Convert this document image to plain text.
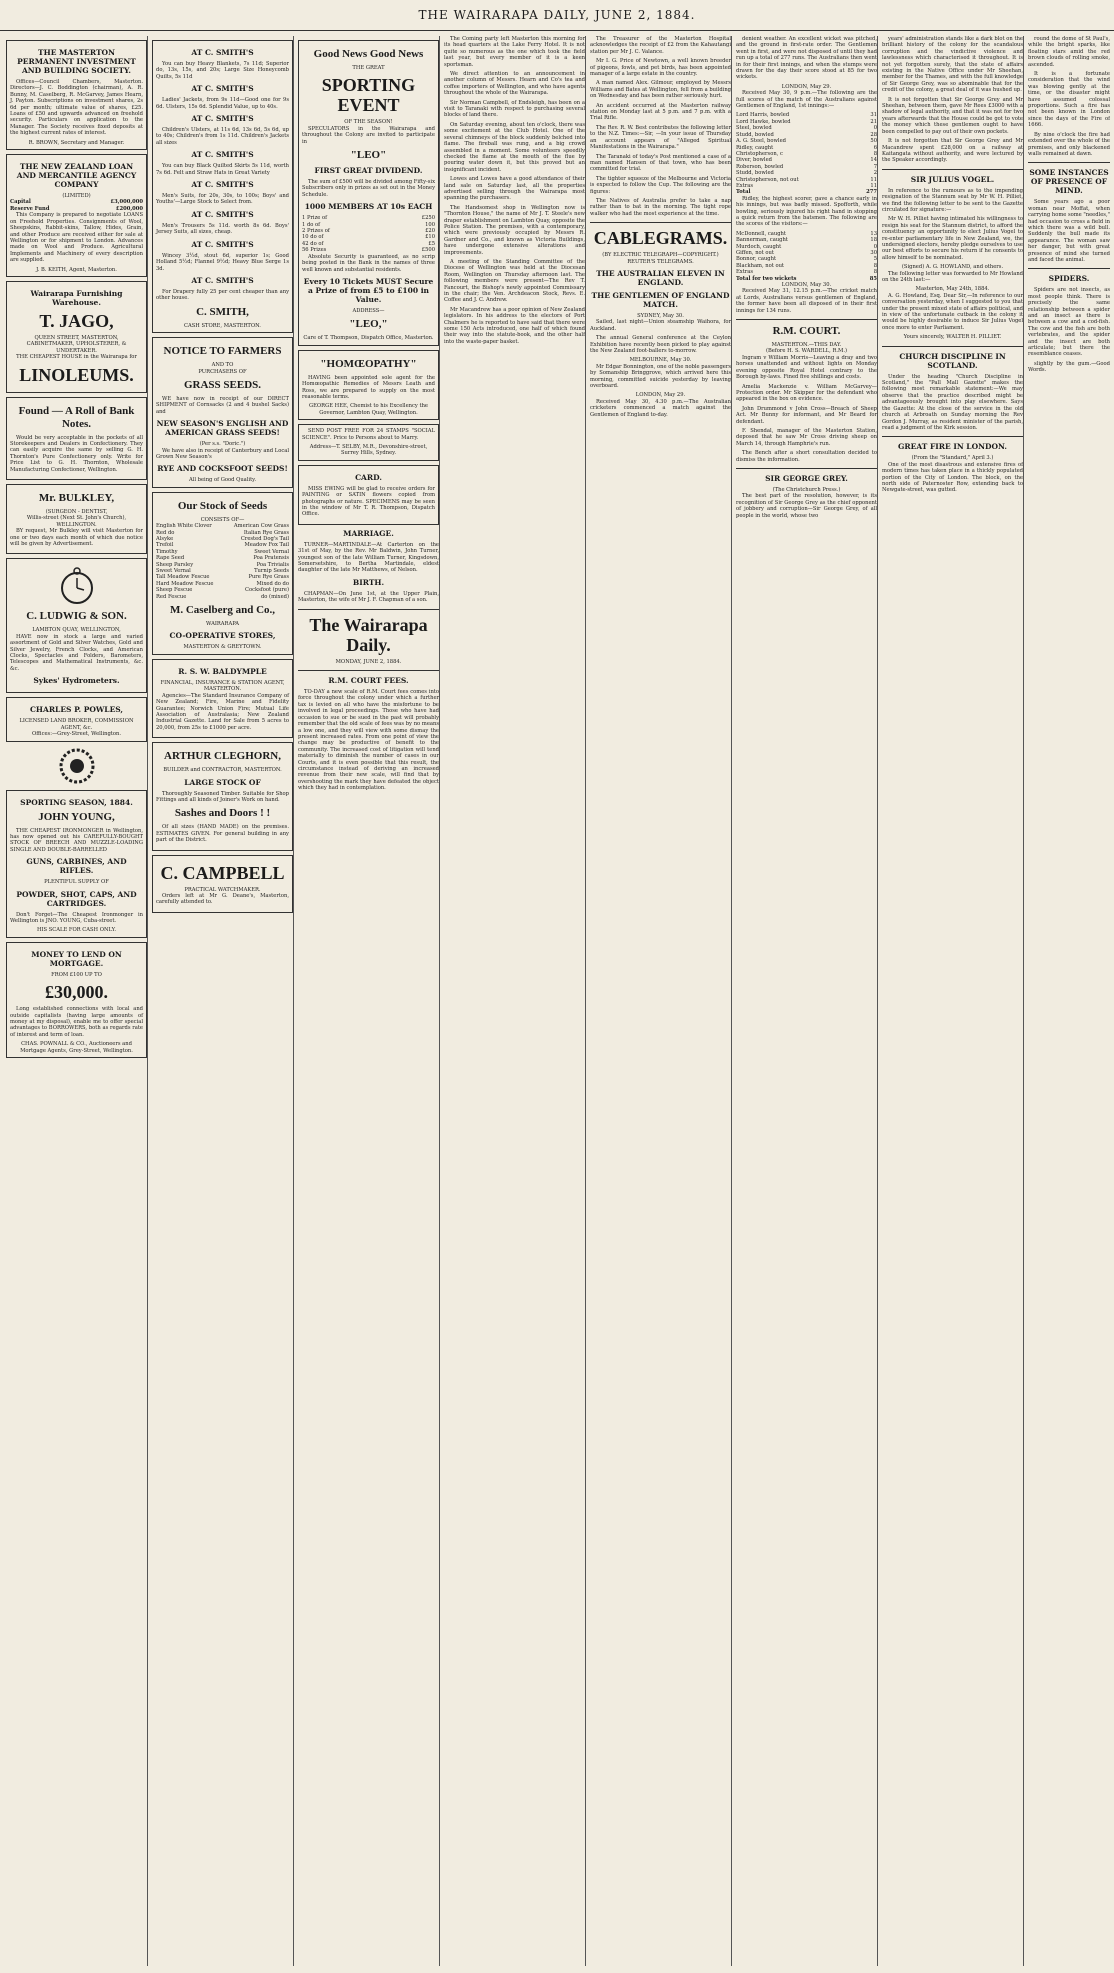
THE WAIRARAPA DAILY, JUNE 2, 1884.
THE MASTERTON PERMANENT INVESTMENT AND BUILDING SOCIETY.

Offices—Council Chambers, Masterton. Directors—J. C. Boddington (chairman), A. R. Bunny, M. Caselberg, R. McGarvey, James Hearn, J. Payton. Subscriptions on investment shares, 2s 6d per month; ultimate value of shares, £25. Loans of £50 and upwards advanced on freehold security. Particulars on application to the Manager. The Society receives fixed deposits at the highest current rates of interest.

R. BROWN, Secretary and Manager.
THE NEW ZEALAND LOAN AND MERCANTILE AGENCY COMPANY
(LIMITED)
Capital	£3,000,000
Reserve Fund	£200,000

This Company is prepared to negotiate LOANS on Freehold Properties. Consignments of Wool, Sheepskins, Rabbit-skins, Tallow, Hides, Grain, and other Produce are received either for sale at Wellington or for shipment to London. Advances made on Wool and Produce. Agricultural Implements and Machinery of every description are supplied.

J. B. KEITH, Agent, Masterton.
Wairarapa Furnishing Warehouse.
T. JAGO,
QUEEN STREET, MASTERTON,
CABINETMAKER, UPHOLSTERER, & UNDERTAKER.
THE CHEAPEST HOUSE in the Wairarapa for
LINOLEUMS.
Found — A Roll of Bank Notes.

Would be very acceptable in the pockets of all Storekeepers and Dealers in Confectionery. They can easily acquire the same by selling G. H. Thornton's Pure Confectionery only. Write for Price List to G. H. Thornton, Wholesale Manufacturing Confectioner, Wellington.

Mr. BULKLEY,
(SURGEON - DENTIST,
Willis-street (Next St. John's Church), WELLINGTON.

BY request, Mr Bulkley will visit Masterton for one or two days each month of which due notice will be given by Advertisement.

C. LUDWIG & SON.
LAMBTON QUAY, WELLINGTON,

HAVE now in stock a large and varied assortment of Gold and Silver Watches, Gold and Silver Jewelry, French Clocks, and American Clocks, Spectacles and Folders, Barometers, Telescopes and Mathematical Instruments, &c. &c.

Sykes' Hydrometers.
CHARLES P. POWLES,
LICENSED LAND BROKER, COMMISSION AGENT, &c.
Offices:—Grey-Street, Wellington.
SPORTING SEASON, 1884.
JOHN YOUNG,

THE CHEAPEST IRONMONGER in Wellington, has now opened out his CAREFULLY-BOUGHT STOCK OF BREECH AND MUZZLE-LOADING SINGLE AND DOUBLE-BARRELLED

GUNS, CARBINES, AND RIFLES.
PLENTIFUL SUPPLY OF
POWDER, SHOT, CAPS, AND CARTRIDGES.

Don't Forget—The Cheapest Ironmonger in Wellington is JNO. YOUNG, Cuba-street.

HIS SCALE FOR CASH ONLY.
MONEY TO LEND ON MORTGAGE.
FROM £100 UP TO
£30,000.

Long established connections with local and outside capitalists (having large amounts of money at my disposal), enable me to offer special advantages to BORROWERS, both as regards rate of interest and term of loan.

CHAS. POWNALL & CO., Auctioneers and Mortgage Agents, Grey-Street, Wellington.
AT C. SMITH'S

You can buy Heavy Blankets, 7s 11d; Superior do, 13s, 15s, and 20s; Large Size Honeycomb Quilts, 5s 11d

AT C. SMITH'S

Ladies' Jackets, from 9s 11d—Good one for 9s 6d. Ulsters, 15s 6d. Splendid Value, up to 40s.

AT C. SMITH'S

Children's Ulsters, at 11s 6d, 13s 6d, 5s 6d, up to 40s; Children's from 1s 11d. Children's Jackets all sizes

AT C. SMITH'S

You can buy Black Quilted Skirts 5s 11d, worth 7s 6d. Felt and Straw Hats in Great Variety

AT C. SMITH'S

Men's Suits, for 20s, 30s, to 100s; Boys' and Youths'—Large Stock to Select from.

AT C. SMITH'S

Men's Trousers 5s 11d. worth 8s 6d. Boys' Jersey Suits, all sizes, cheap.

AT C. SMITH'S

Wincey 3½d, stout 6d, superior 1s; Good Holland 5½d; Flannel 9½d; Heavy Blue Serge 1s 3d.

AT C. SMITH'S

For Drapery fully 25 per cent cheaper than any other house.

C. SMITH,
CASH STORE, MASTERTON.
NOTICE TO FARMERS
AND TO
PURCHASERS OF
GRASS SEEDS.

WE have now in receipt of our DIRECT SHIPMENT of Cornsacks (2 and 4 bushel Sacks) and

NEW SEASON'S ENGLISH AND AMERICAN GRASS SEEDS!
(Per s.s. "Doric.")

We have also in receipt of Canterbury and Local Grown New Season's

RYE AND COCKSFOOT SEEDS!
All being of Good Quality.
Our Stock of Seeds
CONSISTS OF—
English White Clover	American Cow Grass
Red do	Italian Rye Grass
Alsyke	Crested Dog's Tail
Trefoil	Meadow Fox Tail
Timothy	Sweet Vernal
Rape Seed	Poa Pratensis
Sheep Parsley	Poa Trivialis
Sweet Vernal	Turnip Seeds
Tall Meadow Fescue	Pure Rye Grass
Hard Meadow Fescue	Mixed do do
Sheep Fescue	Cocksfoot (pure)
Red Fescue	do (mixed)
M. Caselberg and Co.,
WAIRARAPA
CO-OPERATIVE STORES,
MASTERTON & GREYTOWN.
R. S. W. BALDYMPLE
FINANCIAL, INSURANCE & STATION AGENT, MASTERTON.

Agencies—The Standard Insurance Company of New Zealand; Fire, Marine and Fidelity Guarantee; Norwich Union Fire; Mutual Life Association of Australasia; New Zealand Industrial Gazette. Land for Sale from 5 acres to 20,000, from 25s to £1000 per acre.

ARTHUR CLEGHORN,
BUILDER and CONTRACTOR, MASTERTON.
LARGE STOCK OF

Thoroughly Seasoned Timber. Suitable for Shop Fittings and all kinds of Joiner's Work on hand.

Sashes and Doors ! !

Of all sizes (HAND MADE) on the premises. ESTIMATES GIVEN. For general building in any part of the District.

C. CAMPBELL
PRACTICAL WATCHMAKER.

Orders left at Mr G. Deane's, Masterton, carefully attended to.

Good News Good News
THE GREAT
SPORTING EVENT
OF THE SEASON!

SPECULATORS in the Wairarapa and throughout the Colony are invited to participate in

"LEO"
FIRST GREAT DIVIDEND.

The sum of £500 will be divided among Fifty-six Subscribers only in prizes as set out in the Money Schedule.

1000 MEMBERS AT 10s EACH
1 Prize of	£250
1 do of	100
2 Prizes of	£20
10 do of	£10
42 do of	£5
56 Prizes	£500

Absolute Security is guaranteed, as no scrip being posted in the Bank in the names of three well known and substantial residents.

Every 10 Tickets MUST Secure a Prize of from £5 to £100 in Value.
ADDRESS—
"LEO,"
Care of T. Thompson, Dispatch Office, Masterton.
"HOMŒOPATHY"

HAVING been appointed sole agent for the Homœopathic Remedies of Messrs Leath and Ross, we are prepared to supply on the most reasonable terms.

GEORGE HEE, Chemist to his Excellency the Governor, Lambton Quay, Wellington.

SEND POST FREE FOR 24 STAMPS "SOCIAL SCIENCE". Price to Persons about to Marry.

Address—T. SELBY, M.R., Devonshire-street, Surrey Hills, Sydney.
CARD.

MISS EWING will be glad to receive orders for PAINTING or SATIN flowers copied from photographs or nature. SPECIMENS may be seen in the window of Mr T. R. Thompson, Dispatch Office.

MARRIAGE.

TURNER—MARTINDALE—At Carterton on the 31st of May, by the Rev. Mr Baldwin, John Turner, youngest son of the late William Turner, Kingsdown, Somersetshire, to Bertha Martindale, eldest daughter of the late Mr Matthews, of Nelson.

BIRTH.

CHAPMAN—On June 1st, at the Upper Plain, Masterton, the wife of Mr J. F. Chapman of a son.

The Wairarapa Daily.
MONDAY, JUNE 2, 1884.
R.M. COURT FEES.

TO-DAY a new scale of R.M. Court fees comes into force throughout the colony under which a further tax is levied on all who have the misfortune to be involved in legal proceedings. Those who have had occasion to sue or be sued in the past will probably remember that the old scale of fees was by no means a low one, and they will view with some dismay the present increased rates. From one point of view the change may be productive of benefit to the community. The increased cost of litigation will tend materially to diminish the number of cases in our Courts, and it is even possible that this result, the circumstance instead of deriving an increased revenue from their new scale, will find that by overshooting the mark they have defeated the object which they had in contemplation.

The Coming party left Masterton this morning for its head quarters at the Lake Ferry Hotel. It is not quite so numerous as the one which took the field last year, but every member of it is a keen sportsman.

We direct attention to an announcement in another column of Messrs. Hearn and Co's tea and coffee importers of Wellington, and who have agents throughout the whole of the Wairarapa.

Sir Norman Campbell, of Endsleigh, has been on a visit to Taranaki with respect to purchasing several blocks of land there.

On Saturday evening, about ten o'clock, there was some excitement at the Club Hotel. One of the several chimneys of the block suddenly belched into flame. The fireball was rung, and a big crowd assembled in a moment. Some volunteers speedily checked the flame at the mouth of the flue by pouring water down it, but this proved but an insignificant incident.

Lowes and Lowes have a good attendance of their land sale on Saturday last, all the properties advertised selling through the Wairarapa most spanning the purchasers.

The Handsomest shop in Wellington now is "Thornton House," the name of Mr J. T. Steele's new draper establishment on Lambton Quay, opposite the Police Station. The premises, with a contemporary, which were previously occupied by Messrs R. Gardner and Co., and known as Victoria Buildings, have undergone extensive alterations and improvements.

A meeting of the Standing Committee of the Diocese of Wellington was held at the Diocesan Room, Wellington on Thursday afternoon last. The following members were present—The Rev T. Fancourt, the Bishop's newly appointed Commissary in the chair; the Ven. Archdeacon Stock, Revs. E. Coffee and J. C. Andrew.

Mr Macandrew has a poor opinion of New Zealand legislators. In his address to the electors of Port Chalmers he is reported to have said that there were some 150 Acts introduced, one half of which found their way into the statute-book, and the other half into the waste-paper basket.

The Treasurer of the Masterton Hospital acknowledges the receipt of £2 from the Kahautangi station per Mr J. C. Valance.

Mr I. G. Price of Newtown, a well known breeder of pigeons, fowls, and pet birds, has been appointed manager of a large estate in the country.

A man named Alex. Gilmour, employed by Messrs Williams and Bates at Wellington, fell from a building on Wednesday and has been rather seriously hurt.

An accident occurred at the Masterton railway station on Monday last at 5 p.m. and 7 p.m. with a Trial Rifle.

The Rev. R. W. Best contributes the following letter to the N.Z. Times:—Sir, —In your issue of Thursday an account appears of "Alleged Spiritual Manifestations in the Wairarapa."

The Taranaki of today's Post mentioned a case of a man named Hansen of that town, who has been committed for trial.

The tighter squeeze of the Melbourne and Victoria is expected to follow the Cup. The following are the figures:

The Natives of Australia prefer to take a nap rather than to bat in the morning. The tight rope walker who had the most experience at the time.

CABLEGRAMS.
(BY ELECTRIC TELEGRAPH—COPYRIGHT.)
REUTER'S TELEGRAMS.
THE AUSTRALIAN ELEVEN IN ENGLAND.
THE GENTLEMEN OF ENGLAND MATCH.
SYDNEY, May 30.

Sailed, last night—Union steamship Waihora, for Auckland.

The annual General conference at the Ceylon Exhibition have recently been picked to play against the New Zealand foot-ballers to-morrow.

MELBOURNE, May 30.

Mr Edgar Bonnington, one of the noble passengers by Somanship Bringgrove, which arrived here this morning, committed suicide yesterday by leaving overboard.

LONDON, May 29.

Received May 30, 4.30 p.m.—The Australian cricketers commenced a match against the Gentlemen of England to-day.

denient weather. An excellent wicket was pitched, and the ground in first-rate order. The Gentlemen went in first, and were not disposed of until they had run up a total of 277 runs. The Australians then went in for their first innings, and when the stumps were drawn for the day their score stood at 85 for two wickets.

LONDON, May 29.

Received May 30, 9 p.m.—The following are the full scores of the match of the Australians against Gentlemen of England, 1st innings:—

Lord Harris, bowled	31
Lord Hawke, bowled	21
Steel, bowled	0
Studd, bowled	28
A. G. Steel, bowled	50
Ridley, caught	6
Christopherson, c	8
Diver, bowled	14
Roberson, bowled	7
Studd, bowled	2
Christopherson, not out	11
Extras	11
Total	277

Ridley, the highest scorer, gave a chance early in his innings, but was badly missed. Spofforth, while bowling, seriously injured his right hand in stopping a quick return from the batsmen. The following are the scores of the visitors:—

McDonnell, caught	13
Bannerman, caught	18
Murdoch, caught	0
Giffen, not out	30
Bonnor, caught	5
Blackham, not out	8
Extras	8
Total for two wickets	85
LONDON, May 30.

Received May 31, 12.15 p.m.—The cricket match at Lords, Australians versus gentlemen of England, the former have been all disposed of in their first innings for 134 runs.

R.M. COURT.
MASTERTON.—THIS DAY.
(Before H. S. WARDELL, R.M.)

Ingram v William Morris—Leaving a dray and two horses unattended and without lights on Monday evening opposite Royal Hotel contrary to the Borough by-laws. Fined five shillings and costs.

Amelia Mackenzie v. William McGarvey—Protection order. Mr Skipper for the defendant who appeared in the box on evidence.

John Drummond v John Cross—Breach of Sheep Act. Mr Bunny for informant, and Mr Beard for defendant.

F. Shendal, manager of the Masterton Station, deposed that he saw Mr Cross driving sheep on March 14, through Hamphrie's run.

The Bench after a short consultation decided to dismiss the information.

SIR GEORGE GREY.
(The Christchurch Press.)

The best part of the resolution, however, is its recognition of Sir George Grey as the chief opponent of jobbery and corruption—Sir George Grey, of all people in the world, whose two

years' administration stands like a dark blot on the brilliant history of the colony for the scandalous corruption and the vindictive violence and lawlessness which characterised it throughout. It is not yet forgotten surely, that the state of affairs existing in the Native Office under Mr Sheehan, member for the Thames, and with the full knowledge of Sir George Grey, was so abominable that for the credit of the colony, a great deal of it was hushed up.

It is not forgotten that Sir George Grey and Mr Sheehan, between them, gave Mr Rees £3000 with a shadow of legal authority, and that it was not for two years afterwards that the House could be got to vote the money which these gentlemen ought to have been compelled to pay out of their own pockets.

It is not forgotten that Sir George Grey and Mr Macandrew spent £28,000 on a railway at Kaitangata without authority, and were lectured by the Speaker accordingly.

SIR JULIUS VOGEL.

In reference to the rumours as to the impending resignation of the Stannum seat by Mr W. H. Pilliet, we find the following letter to be sent to the Gazette circulated for signature:—

Mr W. H. Pilliet having intimated his willingness to resign his seat for the Stannum district, to afford the constituency an opportunity to elect Julius Vogel to re-enter parliamentary life in New Zealand, we, the undersigned electors, hereby pledge ourselves to use our best efforts to secure his return if he consents to allow himself to be nominated.

(Signed) A. G. HOWLAND, and others.

The following letter was forwarded to Mr Howland on the 24th last:—

Masterton, May 24th, 1884.

A. G. Howland, Esq. Dear Sir,—In reference to our conversation yesterday, when I suggested to you that under the present mixed state of affairs political, and in view of the unfortunate cutback in the colony it would be highly desirable to induce Sir Julius Vogel once more to enter Parliament.

Yours sincerely, WALTER H. PILLIET.
CHURCH DISCIPLINE IN SCOTLAND.

Under the heading "Church Discipline in Scotland," the "Pall Mall Gazette" makes the following most remarkable statement:—We may observe that the practice described might be advantageously brought into play elsewhere. Says the Gazette: At the close of the service in the old church at Arbroath on Sunday morning the Rev Gordon J. Murray, as resident minister of the parish, read a judgment of the Kirk session.

GREAT FIRE IN LONDON.
(From the "Standard," April 3.)

One of the most disastrous and extensive fires of modern times has taken place in a thickly populated portion of the City of London. The block, on the north side of Paternoster Row, extending back to Newgate-street, was gutted.

round the dome of St Paul's, while the bright sparks, like floating stars amid the red brown clouds of rolling smoke, ascended.

It is a fortunate consideration that the wind was blowing gently at the time, or the disaster might have assumed colossal proportions. Such a fire has not been known in London since the days of the Fire of 1666.

By nine o'clock the fire had extended over the whole of the premises, and only blackened walls remained at dawn.

SOME INSTANCES OF PRESENCE OF MIND.

Some years ago a poor woman near Moffat, when carrying home some "needles," had occasion to cross a field in which there was a wild bull. Suddenly the bull made its appearance. The woman saw her danger, but with great presence of mind she turned and faced the animal.

SPIDERS.

Spiders are not insects, as most people think. There is precisely the same relationship between a spider and an insect as there is between a cow and a cod-fish. The cow and the fish are both vertebrates, and the spider and the insect are both articulate; but there the resemblance ceases.

slightly by the gum.—Good Words.
